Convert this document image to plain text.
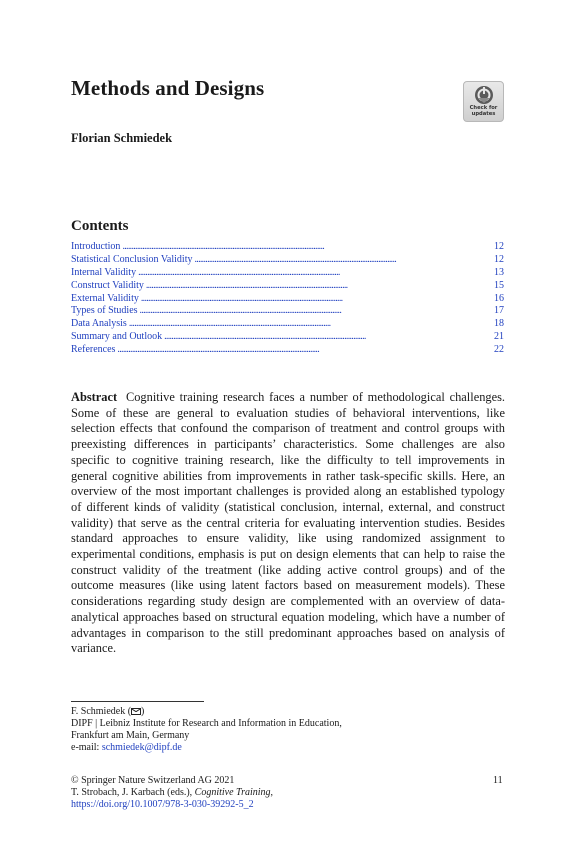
Methods and Designs
Check for
updates
Florian Schmiedek
Contents
Introduction . . .	12
Statistical Conclusion Validity . . .	12
Internal Validity . . .	13
Construct Validity . . .	15
External Validity . . .	16
Types of Studies . . .	17
Data Analysis . . .	18
Summary and Outlook . . .	21
References . . .	22

Abstract Cognitive training research faces a number of methodological challenges. Some of these are general to evaluation studies of behavioral interventions, like selection effects that confound the comparison of treatment and control groups with preexisting differences in participants’ characteristics. Some challenges are also specific to cognitive training research, like the difficulty to tell improvements in general cognitive abilities from improvements in rather task-specific skills. Here, an overview of the most important challenges is provided along an established typology of different kinds of validity (statistical conclusion, internal, external, and construct validity) that serve as the central criteria for evaluating intervention studies. Besides standard approaches to ensure validity, like using randomized assignment to experimental conditions, emphasis is put on design elements that can help to raise the construct validity of the treatment (like adding active control groups) and of the outcome measures (like using latent factors based on measurement models). These considerations regarding study design are complemented with an overview of data-analytical approaches based on structural equation modeling, which have a number of advantages in comparison to the still predominant approaches based on analysis of variance.

F. Schmiedek ( )
DIPF | Leibniz Institute for Research and Information in Education,
Frankfurt am Main, Germany
e-mail: schmiedek@dipf.de
© Springer Nature Switzerland AG 2021	11
T. Strobach, J. Karbach (eds.), Cognitive Training,
https://doi.org/10.1007/978-3-030-39292-5_2
